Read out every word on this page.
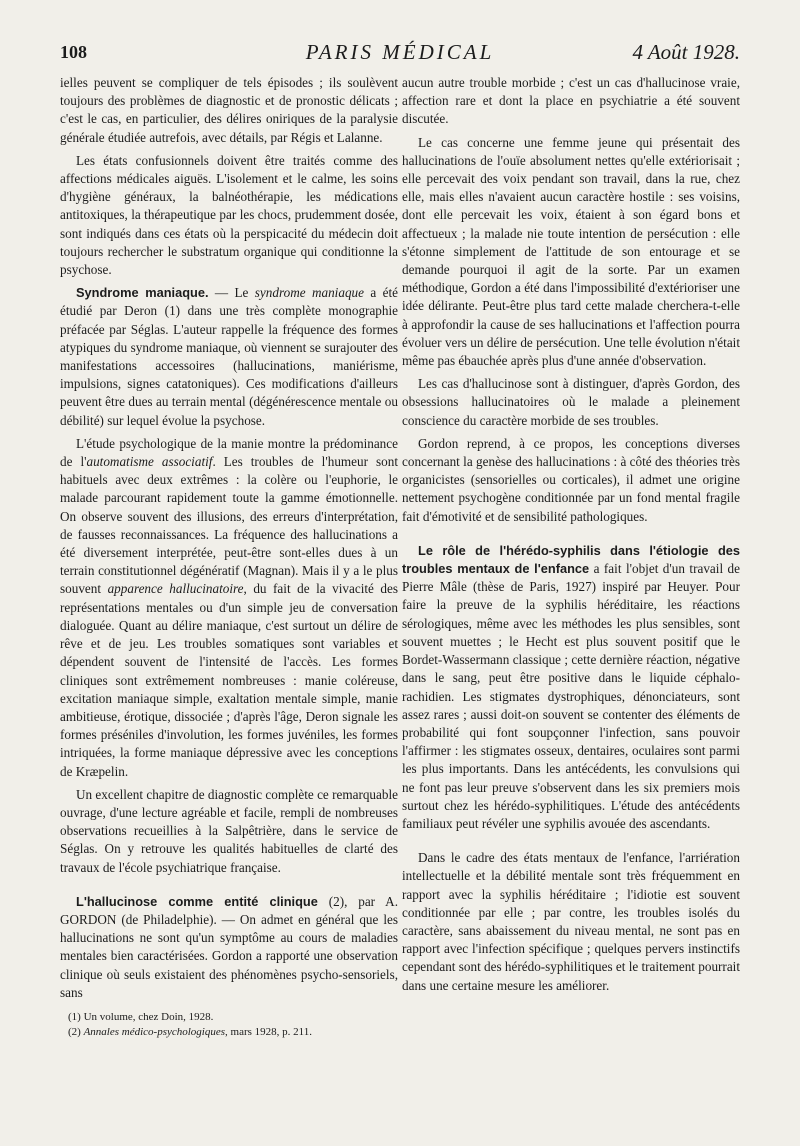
108	PARIS MÉDICAL	4 Août 1928.

ielles peuvent se compliquer de tels épisodes ; ils soulèvent toujours des problèmes de diagnostic et de pronostic délicats ; c'est le cas, en particulier, des délires oniriques de la paralysie générale étudiée autrefois, avec détails, par Régis et Lalanne.

Les états confusionnels doivent être traités comme des affections médicales aiguës. L'isolement et le calme, les soins d'hygiène généraux, la balnéothérapie, les médications antitoxiques, la thérapeutique par les chocs, prudemment dosée, sont indiqués dans ces états où la perspicacité du médecin doit toujours rechercher le substratum organique qui conditionne la psychose.

Syndrome maniaque. — Le syndrome maniaque a été étudié par Deron (1) dans une très complète monographie préfacée par Séglas. L'auteur rappelle la fréquence des formes atypiques du syndrome maniaque, où viennent se surajouter des manifestations accessoires (hallucinations, maniérisme, impulsions, signes catatoniques). Ces modifications d'ailleurs peuvent être dues au terrain mental (dégénérescence mentale ou débilité) sur lequel évolue la psychose.

L'étude psychologique de la manie montre la prédominance de l'automatisme associatif. Les troubles de l'humeur sont habituels avec deux extrêmes : la colère ou l'euphorie, le malade parcourant rapidement toute la gamme émotionnelle. On observe souvent des illusions, des erreurs d'interprétation, de fausses reconnaissances. La fréquence des hallucinations a été diversement interprétée, peut-être sont-elles dues à un terrain constitutionnel dégénératif (Magnan). Mais il y a le plus souvent apparence hallucinatoire, du fait de la vivacité des représentations mentales ou d'un simple jeu de conversation dialoguée. Quant au délire maniaque, c'est surtout un délire de rêve et de jeu. Les troubles somatiques sont variables et dépendent souvent de l'intensité de l'accès. Les formes cliniques sont extrêmement nombreuses : manie coléreuse, excitation maniaque simple, exaltation mentale simple, manie ambitieuse, érotique, dissociée ; d'après l'âge, Deron signale les formes préséniles d'involution, les formes juvéniles, les formes intriquées, la forme maniaque dépressive avec les conceptions de Kræpelin.

Un excellent chapitre de diagnostic complète ce remarquable ouvrage, d'une lecture agréable et facile, rempli de nombreuses observations recueillies à la Salpêtrière, dans le service de Séglas. On y retrouve les qualités habituelles de clarté des travaux de l'école psychiatrique française.

L'hallucinose comme entité clinique (2), par A. GORDON (de Philadelphie). — On admet en général que les hallucinations ne sont qu'un symptôme au cours de maladies mentales bien caractérisées. Gordon a rapporté une observation clinique où seuls existaient des phénomènes psycho-sensoriels, sans

(1) Un volume, chez Doin, 1928.

(2) Annales médico-psychologiques, mars 1928, p. 211.

aucun autre trouble morbide ; c'est un cas d'hallucinose vraie, affection rare et dont la place en psychiatrie a été souvent discutée.

Le cas concerne une femme jeune qui présentait des hallucinations de l'ouïe absolument nettes qu'elle extériorisait ; elle percevait des voix pendant son travail, dans la rue, chez elle, mais elles n'avaient aucun caractère hostile : ses voisins, dont elle percevait les voix, étaient à son égard bons et affectueux ; la malade nie toute intention de persécution : elle s'étonne simplement de l'attitude de son entourage et se demande pourquoi il agit de la sorte. Par un examen méthodique, Gordon a été dans l'impossibilité d'extérioriser une idée délirante. Peut-être plus tard cette malade cherchera-t-elle à approfondir la cause de ses hallucinations et l'affection pourra évoluer vers un délire de persécution. Une telle évolution n'était même pas ébauchée après plus d'une année d'observation.

Les cas d'hallucinose sont à distinguer, d'après Gordon, des obsessions hallucinatoires où le malade a pleinement conscience du caractère morbide de ses troubles.

Gordon reprend, à ce propos, les conceptions diverses concernant la genèse des hallucinations : à côté des théories très organicistes (sensorielles ou corticales), il admet une origine nettement psychogène conditionnée par un fond mental fragile fait d'émotivité et de sensibilité pathologiques.

Le rôle de l'hérédo-syphilis dans l'étiologie des troubles mentaux de l'enfance a fait l'objet d'un travail de Pierre Mâle (thèse de Paris, 1927) inspiré par Heuyer. Pour faire la preuve de la syphilis héréditaire, les réactions sérologiques, même avec les méthodes les plus sensibles, sont souvent muettes ; le Hecht est plus souvent positif que le Bordet-Wassermann classique ; cette dernière réaction, négative dans le sang, peut être positive dans le liquide céphalo-rachidien. Les stigmates dystrophiques, dénonciateurs, sont assez rares ; aussi doit-on souvent se contenter des éléments de probabilité qui font soupçonner l'infection, sans pouvoir l'affirmer : les stigmates osseux, dentaires, oculaires sont parmi les plus importants. Dans les antécédents, les convulsions qui ne font pas leur preuve s'observent dans les six premiers mois surtout chez les hérédo-syphilitiques. L'étude des antécédents familiaux peut révéler une syphilis avouée des ascendants.

Dans le cadre des états mentaux de l'enfance, l'arriération intellectuelle et la débilité mentale sont très fréquemment en rapport avec la syphilis héréditaire ; l'idiotie est souvent conditionnée par elle ; par contre, les troubles isolés du caractère, sans abaissement du niveau mental, ne sont pas en rapport avec l'infection spécifique ; quelques pervers instinctifs cependant sont des hérédo-syphilitiques et le traitement pourrait dans une certaine mesure les améliorer.
